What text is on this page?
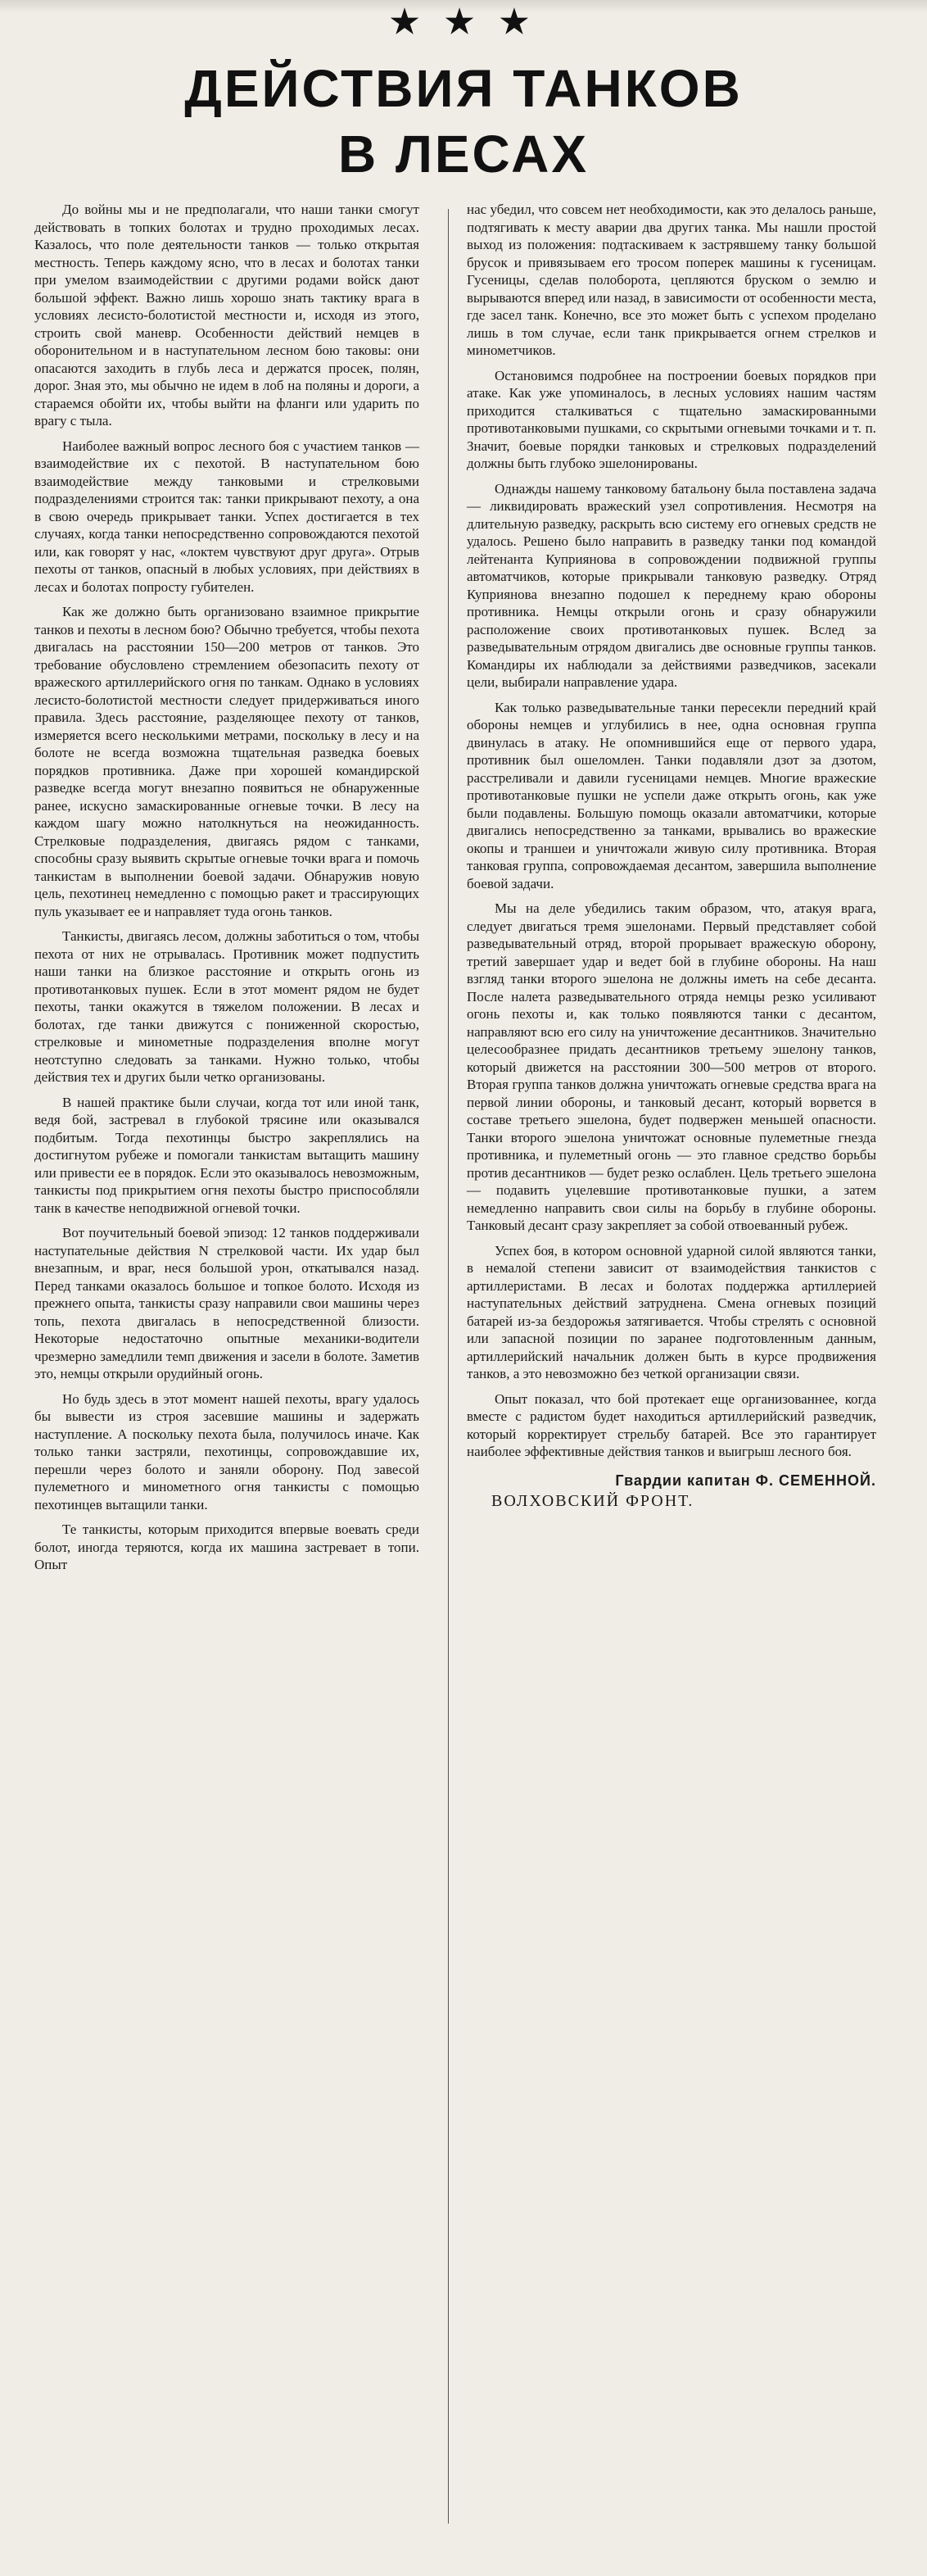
★ ★ ★
ДЕЙСТВИЯ ТАНКОВ
В ЛЕСАХ

До войны мы и не предполагали, что наши танки смогут действовать в топких болотах и трудно проходимых лесах. Казалось, что поле деятельности танков — только открытая местность. Теперь каждому ясно, что в лесах и болотах танки при умелом взаимодействии с другими родами войск дают большой эффект. Важно лишь хорошо знать тактику врага в условиях лесисто-болотистой местности и, исходя из этого, строить свой маневр. Особенности действий немцев в оборонительном и в наступательном лесном бою таковы: они опасаются заходить в глубь леса и держатся просек, полян, дорог. Зная это, мы обычно не идем в лоб на поляны и дороги, а стараемся обойти их, чтобы выйти на фланги или ударить по врагу с тыла.

Наиболее важный вопрос лесного боя с участием танков — взаимодействие их с пехотой. В наступательном бою взаимодействие между танковыми и стрелковыми подразделениями строится так: танки прикрывают пехоту, а она в свою очередь прикрывает танки. Успех достигается в тех случаях, когда танки непосредственно сопровождаются пехотой или, как говорят у нас, «локтем чувствуют друг друга». Отрыв пехоты от танков, опасный в любых условиях, при действиях в лесах и болотах попросту губителен.

Как же должно быть организовано взаимное прикрытие танков и пехоты в лесном бою? Обычно требуется, чтобы пехота двигалась на расстоянии 150—200 метров от танков. Это требование обусловлено стремлением обезопасить пехоту от вражеского артиллерийского огня по танкам. Однако в условиях лесисто-болотистой местности следует придерживаться иного правила. Здесь расстояние, разделяющее пехоту от танков, измеряется всего несколькими метрами, поскольку в лесу и на болоте не всегда возможна тщательная разведка боевых порядков противника. Даже при хорошей командирской разведке всегда могут внезапно появиться не обнаруженные ранее, искусно замаскированные огневые точки. В лесу на каждом шагу можно натолкнуться на неожиданность. Стрелковые подразделения, двигаясь рядом с танками, способны сразу выявить скрытые огневые точки врага и помочь танкистам в выполнении боевой задачи. Обнаружив новую цель, пехотинец немедленно с помощью ракет и трассирующих пуль указывает ее и направляет туда огонь танков.

Танкисты, двигаясь лесом, должны заботиться о том, чтобы пехота от них не отрывалась. Противник может подпустить наши танки на близкое расстояние и открыть огонь из противотанковых пушек. Если в этот момент рядом не будет пехоты, танки окажутся в тяжелом положении. В лесах и болотах, где танки движутся с пониженной скоростью, стрелковые и минометные подразделения вполне могут неотступно следовать за танками. Нужно только, чтобы действия тех и других были четко организованы.

В нашей практике были случаи, когда тот или иной танк, ведя бой, застревал в глубокой трясине или оказывался подбитым. Тогда пехотинцы быстро закреплялись на достигнутом рубеже и помогали танкистам вытащить машину или привести ее в порядок. Если это оказывалось невозможным, танкисты под прикрытием огня пехоты быстро приспособляли танк в качестве неподвижной огневой точки.

Вот поучительный боевой эпизод: 12 танков поддерживали наступательные действия N стрелковой части. Их удар был внезапным, и враг, неся большой урон, откатывался назад. Перед танками оказалось большое и топкое болото. Исходя из прежнего опыта, танкисты сразу направили свои машины через топь, пехота двигалась в непосредственной близости. Некоторые недостаточно опытные механики-водители чрезмерно замедлили темп движения и засели в болоте. Заметив это, немцы открыли орудийный огонь.

Но будь здесь в этот момент нашей пехоты, врагу удалось бы вывести из строя засевшие машины и задержать наступление. А поскольку пехота была, получилось иначе. Как только танки застряли, пехотинцы, сопровождавшие их, перешли через болото и заняли оборону. Под завесой пулеметного и минометного огня танкисты с помощью пехотинцев вытащили танки.

Те танкисты, которым приходится впервые воевать среди болот, иногда теряются, когда их машина застревает в топи. Опыт

нас убедил, что совсем нет необходимости, как это делалось раньше, подтягивать к месту аварии два других танка. Мы нашли простой выход из положения: подтаскиваем к застрявшему танку большой брусок и привязываем его тросом поперек машины к гусеницам. Гусеницы, сделав полоборота, цепляются бруском о землю и вырываются вперед или назад, в зависимости от особенности места, где засел танк. Конечно, все это может быть с успехом проделано лишь в том случае, если танк прикрывается огнем стрелков и минометчиков.

Остановимся подробнее на построении боевых порядков при атаке. Как уже упоминалось, в лесных условиях нашим частям приходится сталкиваться с тщательно замаскированными противотанковыми пушками, со скрытыми огневыми точками и т. п. Значит, боевые порядки танковых и стрелковых подразделений должны быть глубоко эшелонированы.

Однажды нашему танковому батальону была поставлена задача — ликвидировать вражеский узел сопротивления. Несмотря на длительную разведку, раскрыть всю систему его огневых средств не удалось. Решено было направить в разведку танки под командой лейтенанта Куприянова в сопровождении подвижной группы автоматчиков, которые прикрывали танковую разведку. Отряд Куприянова внезапно подошел к переднему краю обороны противника. Немцы открыли огонь и сразу обнаружили расположение своих противотанковых пушек. Вслед за разведывательным отрядом двигались две основные группы танков. Командиры их наблюдали за действиями разведчиков, засекали цели, выбирали направление удара.

Как только разведывательные танки пересекли передний край обороны немцев и углубились в нее, одна основная группа двинулась в атаку. Не опомнившийся еще от первого удара, противник был ошеломлен. Танки подавляли дзот за дзотом, расстреливали и давили гусеницами немцев. Многие вражеские противотанковые пушки не успели даже открыть огонь, как уже были подавлены. Большую помощь оказали автоматчики, которые двигались непосредственно за танками, врывались во вражеские окопы и траншеи и уничтожали живую силу противника. Вторая танковая группа, сопровождаемая десантом, завершила выполнение боевой задачи.

Мы на деле убедились таким образом, что, атакуя врага, следует двигаться тремя эшелонами. Первый представляет собой разведывательный отряд, второй прорывает вражескую оборону, третий завершает удар и ведет бой в глубине обороны. На наш взгляд танки второго эшелона не должны иметь на себе десанта. После налета разведывательного отряда немцы резко усиливают огонь пехоты и, как только появляются танки с десантом, направляют всю его силу на уничтожение десантников. Значительно целесообразнее придать десантников третьему эшелону танков, который движется на расстоянии 300—500 метров от второго. Вторая группа танков должна уничтожать огневые средства врага на первой линии обороны, и танковый десант, который ворвется в составе третьего эшелона, будет подвержен меньшей опасности. Танки второго эшелона уничтожат основные пулеметные гнезда противника, и пулеметный огонь — это главное средство борьбы против десантников — будет резко ослаблен. Цель третьего эшелона — подавить уцелевшие противотанковые пушки, а затем немедленно направить свои силы на борьбу в глубине обороны. Танковый десант сразу закрепляет за собой отвоеванный рубеж.

Успех боя, в котором основной ударной силой являются танки, в немалой степени зависит от взаимодействия танкистов с артиллеристами. В лесах и болотах поддержка артиллерией наступательных действий затруднена. Смена огневых позиций батарей из-за бездорожья затягивается. Чтобы стрелять с основной или запасной позиции по заранее подготовленным данным, артиллерийский начальник должен быть в курсе продвижения танков, а это невозможно без четкой организации связи.

Опыт показал, что бой протекает еще организованнее, когда вместе с радистом будет находиться артиллерийский разведчик, который корректирует стрельбу батарей. Все это гарантирует наиболее эффективные действия танков и выигрыш лесного боя.

Гвардии капитан Ф. СЕМЕННОЙ.
ВОЛХОВСКИЙ ФРОНТ.
